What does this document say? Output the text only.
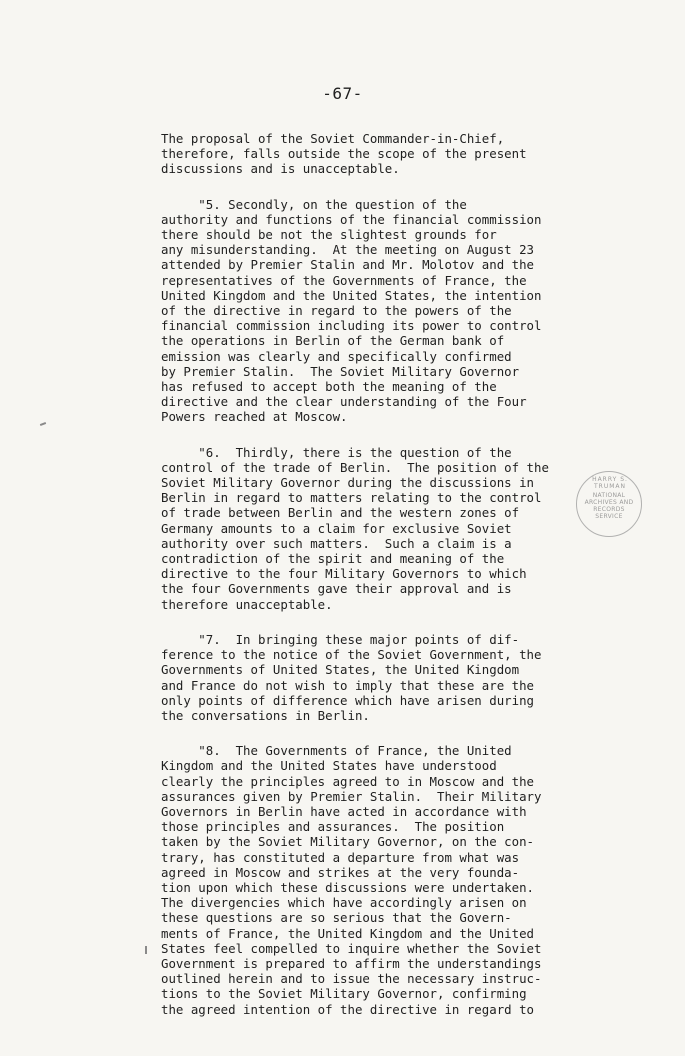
-67-

The proposal of the Soviet Commander-in-Chief,
therefore, falls outside the scope of the present
discussions and is unacceptable.

"5. Secondly, on the question of the
authority and functions of the financial commission
there should be not the slightest grounds for
any misunderstanding.  At the meeting on August 23
attended by Premier Stalin and Mr. Molotov and the
representatives of the Governments of France, the
United Kingdom and the United States, the intention
of the directive in regard to the powers of the
financial commission including its power to control
the operations in Berlin of the German bank of
emission was clearly and specifically confirmed
by Premier Stalin.  The Soviet Military Governor
has refused to accept both the meaning of the
directive and the clear understanding of the Four
Powers reached at Moscow.

"6.  Thirdly, there is the question of the
control of the trade of Berlin.  The position of the
Soviet Military Governor during the discussions in
Berlin in regard to matters relating to the control
of trade between Berlin and the western zones of
Germany amounts to a claim for exclusive Soviet
authority over such matters.  Such a claim is a
contradiction of the spirit and meaning of the
directive to the four Military Governors to which
the four Governments gave their approval and is
therefore unacceptable.

"7.  In bringing these major points of dif-
ference to the notice of the Soviet Government, the
Governments of United States, the United Kingdom
and France do not wish to imply that these are the
only points of difference which have arisen during
the conversations in Berlin.

"8.  The Governments of France, the United
Kingdom and the United States have understood
clearly the principles agreed to in Moscow and the
assurances given by Premier Stalin.  Their Military
Governors in Berlin have acted in accordance with
those principles and assurances.  The position
taken by the Soviet Military Governor, on the con-
trary, has constituted a departure from what was
agreed in Moscow and strikes at the very founda-
tion upon which these discussions were undertaken.
The divergencies which have accordingly arisen on
these questions are so serious that the Govern-
ments of France, the United Kingdom and the United
States feel compelled to inquire whether the Soviet
Government is prepared to affirm the understandings
outlined herein and to issue the necessary instruc-
tions to the Soviet Military Governor, confirming
the agreed intention of the directive in regard to

HARRY S. TRUMAN
NATIONAL
ARCHIVES AND
RECORDS
SERVICE
